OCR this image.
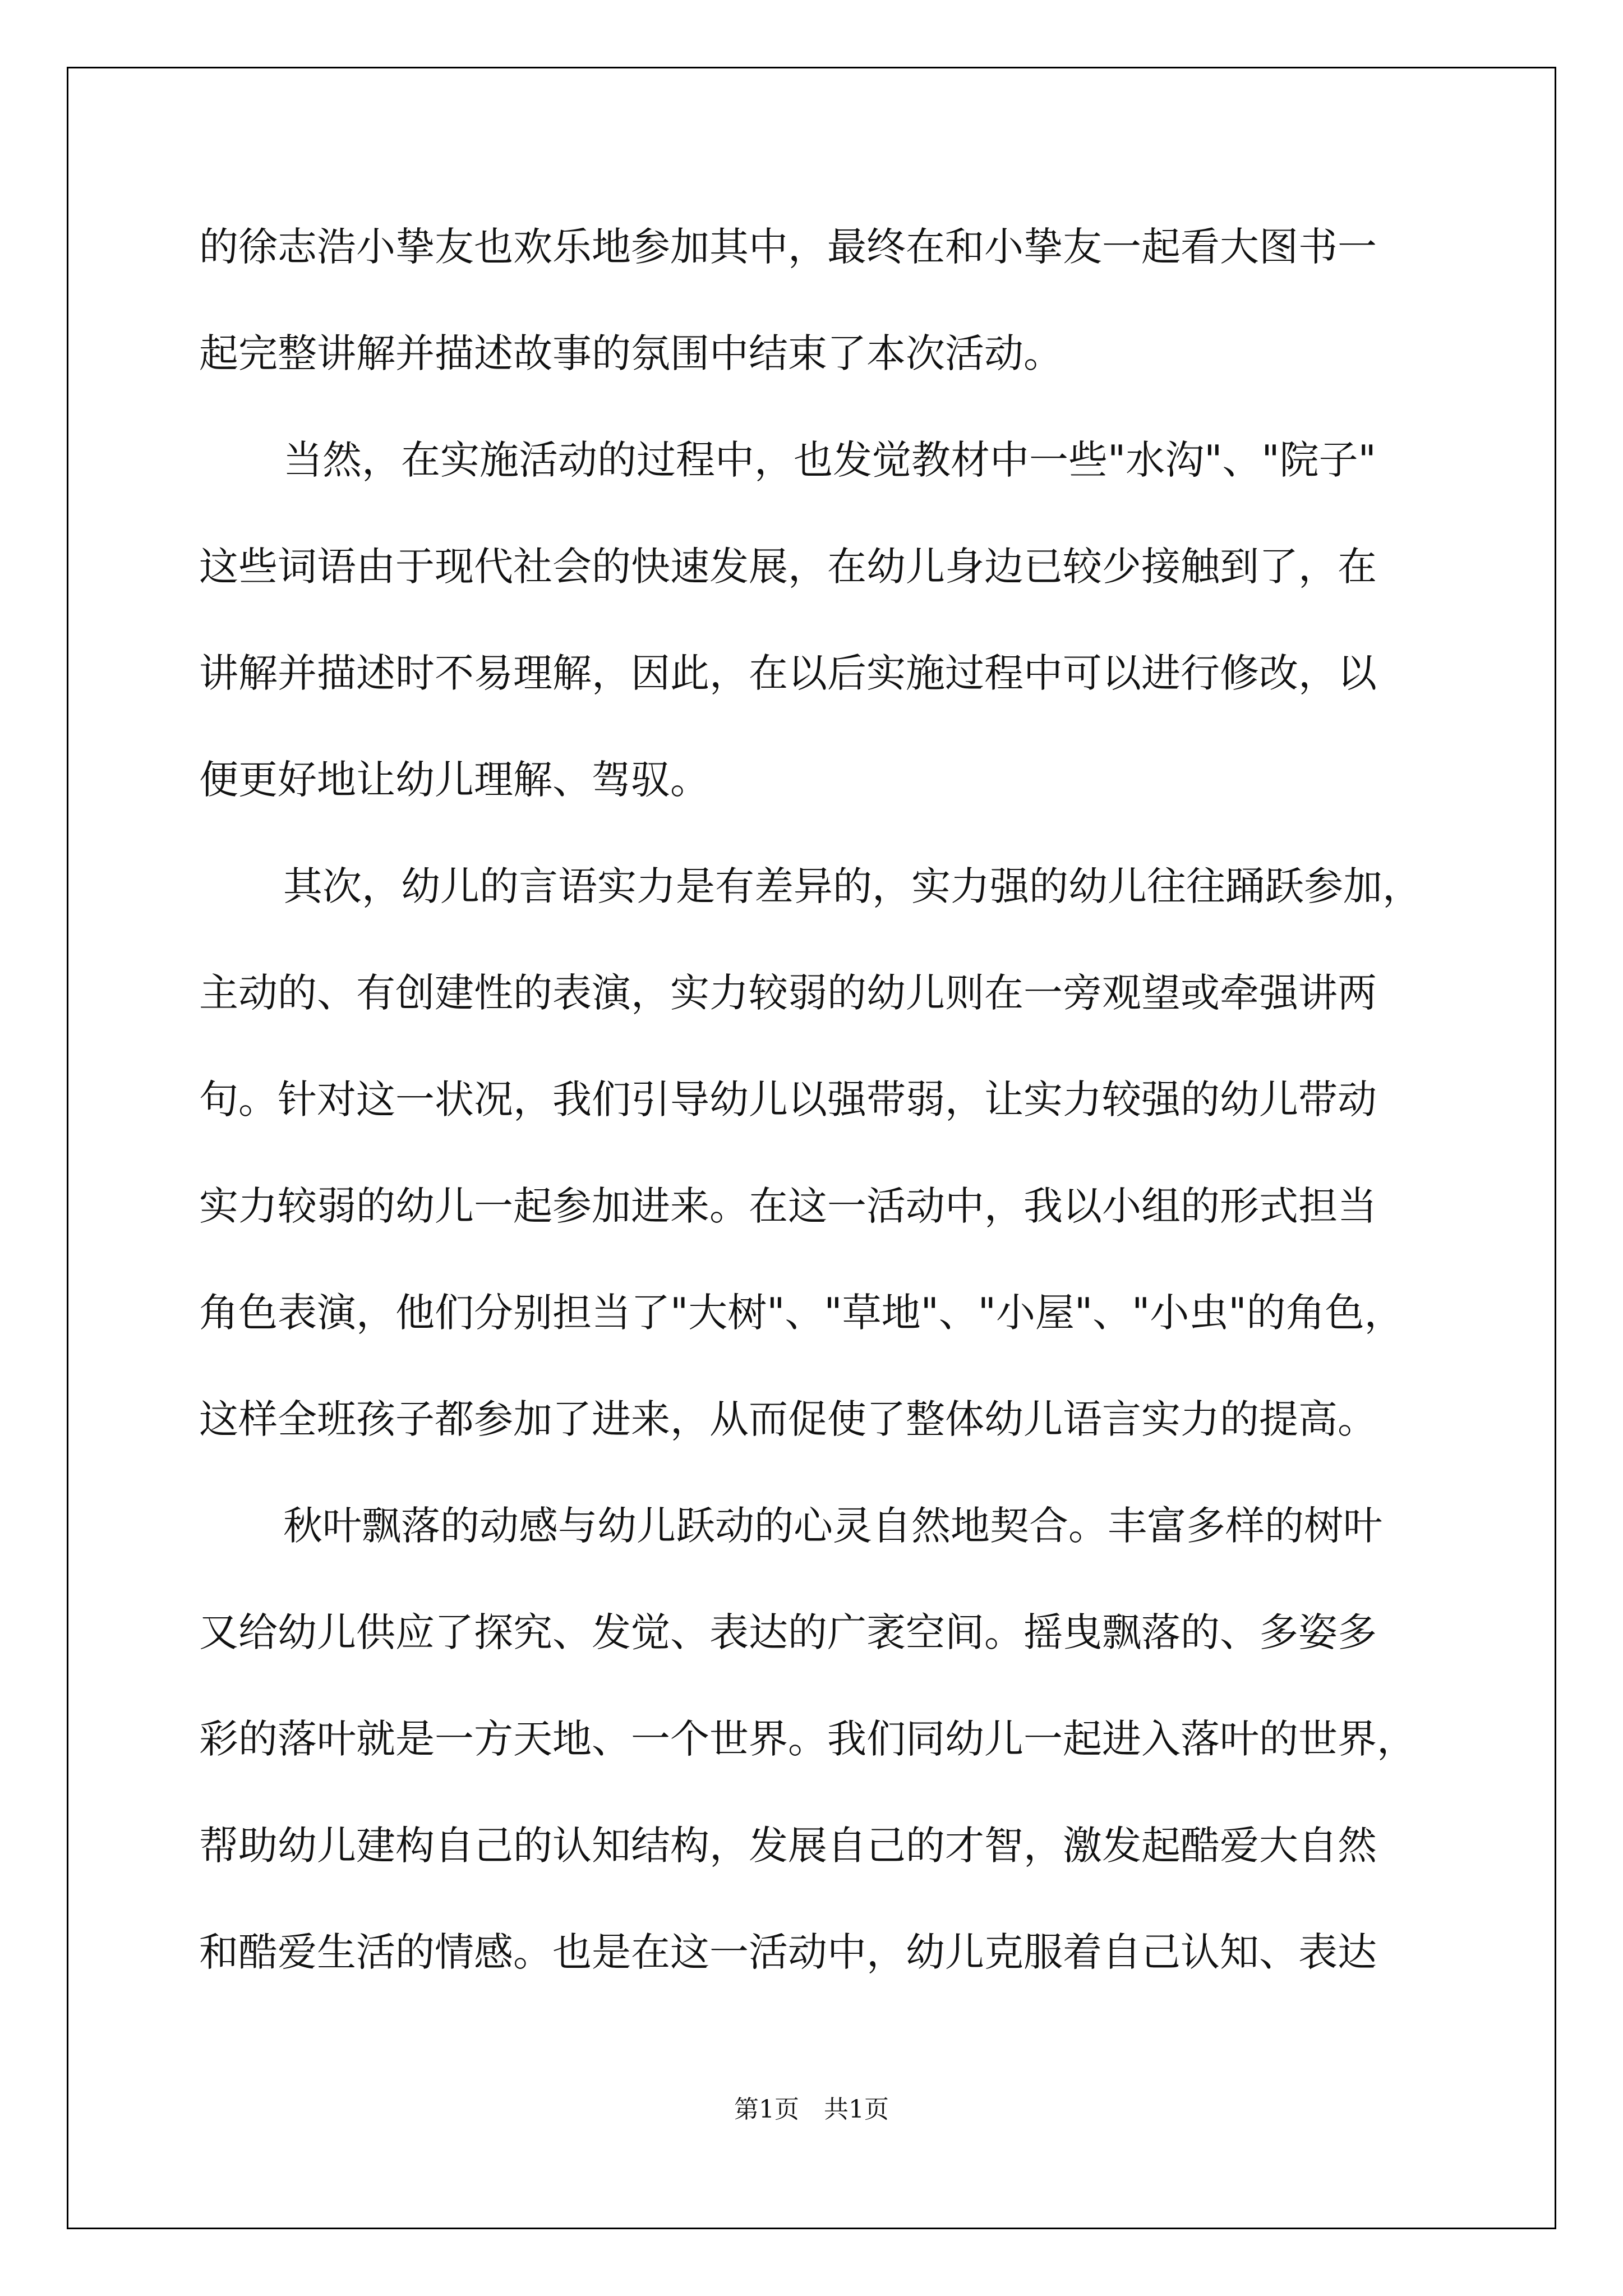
的徐志浩小挚友也欢乐地参加其中，最终在和小挚友一起看大图书一
起完整讲解并描述故事的氛围中结束了本次活动。
当然，在实施活动的过程中，也发觉教材中一些"水沟"、"院子"
这些词语由于现代社会的快速发展，在幼儿身边已较少接触到了，在
讲解并描述时不易理解，因此，在以后实施过程中可以进行修改，以
便更好地让幼儿理解、驾驭。
其次，幼儿的言语实力是有差异的，实力强的幼儿往往踊跃参加，
主动的、有创建性的表演，实力较弱的幼儿则在一旁观望或牵强讲两
句。针对这一状况，我们引导幼儿以强带弱，让实力较强的幼儿带动
实力较弱的幼儿一起参加进来。在这一活动中，我以小组的形式担当
角色表演，他们分别担当了"大树"、"草地"、"小屋"、"小虫"的角色，
这样全班孩子都参加了进来，从而促使了整体幼儿语言实力的提高。
秋叶飘落的动感与幼儿跃动的心灵自然地契合。丰富多样的树叶
又给幼儿供应了探究、发觉、表达的广袤空间。摇曳飘落的、多姿多
彩的落叶就是一方天地、一个世界。我们同幼儿一起进入落叶的世界，
帮助幼儿建构自己的认知结构，发展自己的才智，激发起酷爱大自然
和酷爱生活的情感。也是在这一活动中，幼儿克服着自己认知、表达
第1页　共1页
